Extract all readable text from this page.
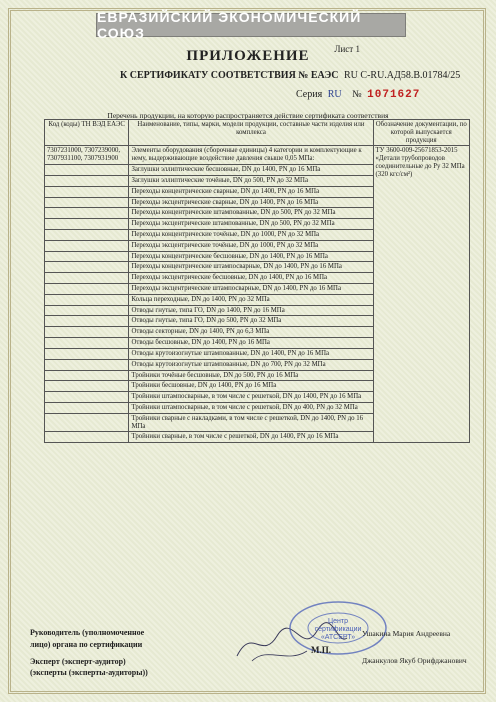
ЕВРАЗИЙСКИЙ ЭКОНОМИЧЕСКИЙ СОЮЗ
ПРИЛОЖЕНИЕ	Лист 1
К СЕРТИФИКАТУ СООТВЕТСТВИЯ № ЕАЭС RU С-RU.АД58.В.01784/25
Серия RU № 1071627
Перечень продукции, на которую распространяется действие сертификата соответствия
Код (коды) ТН ВЭД ЕАЭС	Наименование, типы, марки, модели продукции, составные части изделия или комплекса	Обозначение документации, по которой выпускается продукция
7307231000, 7307239000, 7307931100, 7307931900	Элементы оборудования (сборочные единицы) 4 категории и комплектующие к нему, выдерживающие воздействие давления свыше 0,05 МПа:	ТУ 3600-009-25671853-2015 «Детали трубопроводов соединительные до Ру 32 МПа (320 кгс/см²)
	Заглушки эллиптические бесшовные, DN до 1400, PN до 16 МПа	
	Заглушки эллиптические точёные, DN до 500, PN до 32 МПа	
	Переходы концентрические сварные, DN до 1400, PN до 16 МПа	
	Переходы эксцентрические сварные, DN до 1400, PN до 16 МПа	
	Переходы концентрические штампованные, DN до 500, PN до 32 МПа	
	Переходы эксцентрические штампованные, DN до 500, PN до 32 МПа	
	Переходы концентрические точёные, DN до 1000, PN до 32 МПа	
	Переходы эксцентрические точёные, DN до 1000, PN до 32 МПа	
	Переходы концентрические бесшовные, DN до 1400, PN до 16 МПа	
	Переходы концентрические штампосварные, DN до 1400, PN до 16 МПа	
	Переходы эксцентрические бесшовные, DN до 1400, PN до 16 МПа	
	Переходы эксцентрические штампосварные, DN до 1400, PN до 16 МПа	
	Кольца переходные, DN до 1400, PN до 32 МПа	
	Отводы гнутые, типа ГО, DN до 1400, PN до 16 МПа	
	Отводы гнутые, типа ГО, DN до 500, PN до 32 МПа	
	Отводы секторные, DN до 1400, PN до 6,3 МПа	
	Отводы бесшовные, DN до 1400, PN до 16 МПа	
	Отводы крутоизогнутые штампованные, DN до 1400, PN до 16 МПа	
	Отводы крутоизогнутые штампованные, DN до 700, PN до 32 МПа	
	Тройники точёные бесшовные, DN до 500, PN до 16 МПа	
	Тройники бесшовные, DN до 1400, PN до 16 МПа	
	Тройники штампосварные, в том числе с решеткой, DN до 1400, PN до 16 МПа	
	Тройники штампосварные, в том числе с решеткой, DN до 400, PN до 32 МПа	
	Тройники сварные с накладками, в том числе с решеткой, DN до 1400, PN до 16 МПа	
	Тройники сварные, в том числе с решеткой, DN до 1400, PN до 16 МПа	
Центр
сертификации
«АТСЕРТ»
Руководитель (уполномоченное
лицо) органа по сертификации
Эксперт (эксперт-аудитор)
(эксперты (эксперты-аудиторы))
М.П.
Ушакина Мария Андреевна
Джанкулов Якуб Орифджанович
